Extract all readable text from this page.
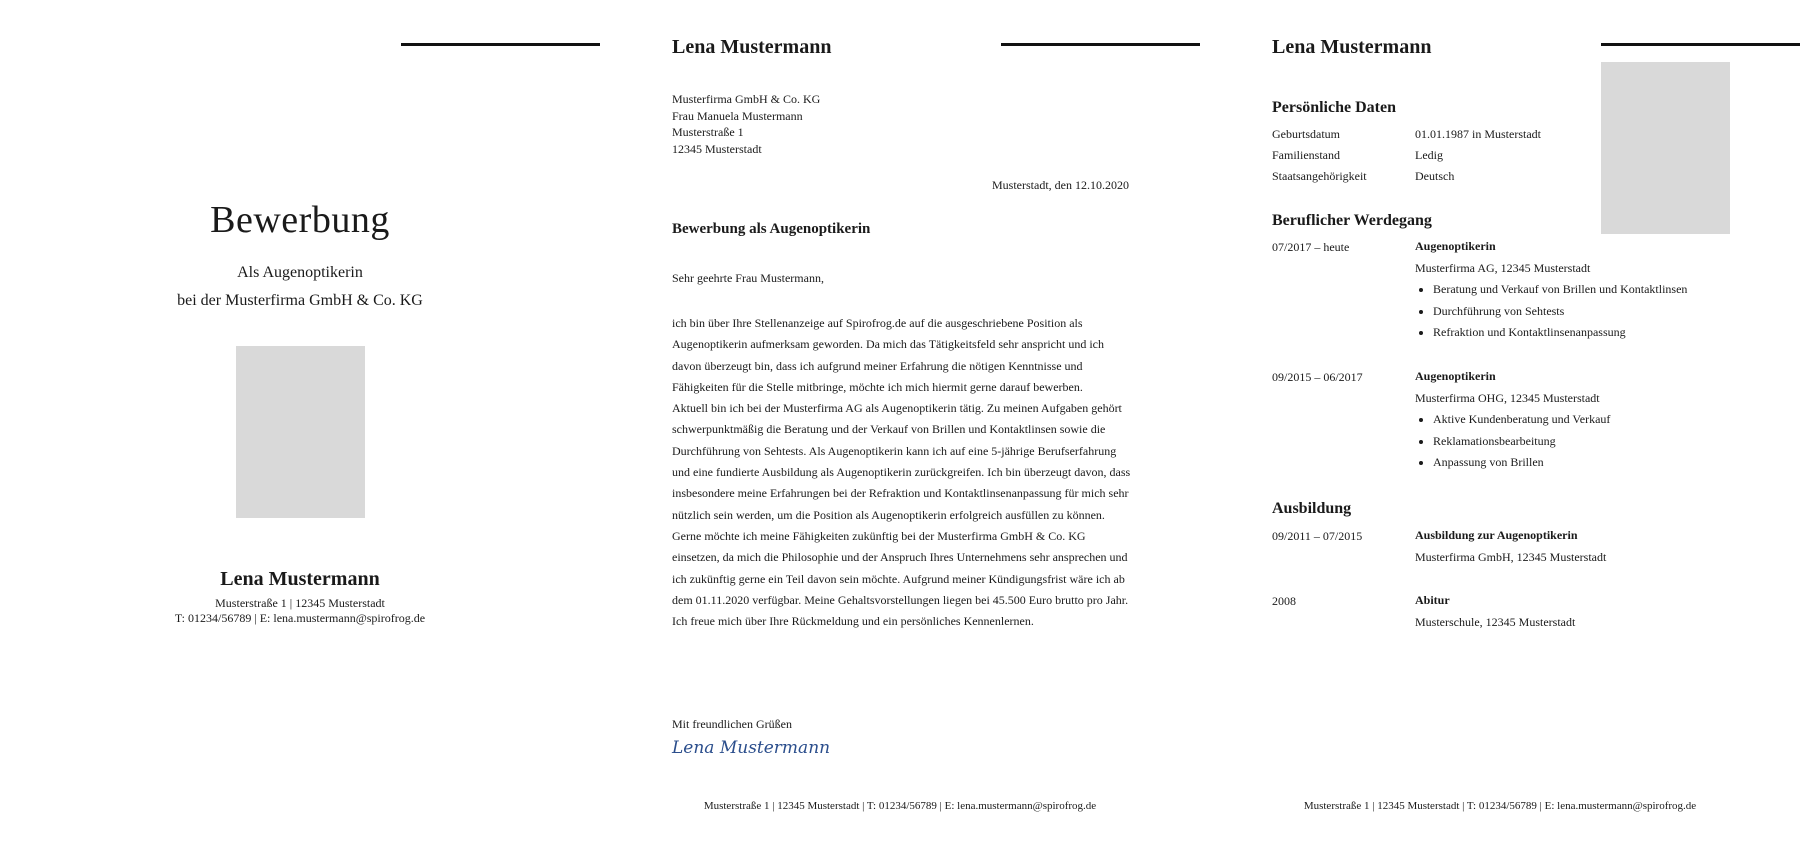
Bewerbung
Als Augenoptikerin
bei der Musterfirma GmbH & Co. KG
Lena Mustermann
Musterstraße 1 | 12345 Musterstadt
T: 01234/56789 | E: lena.mustermann@spirofrog.de
Lena Mustermann
Musterfirma GmbH & Co. KG
Frau Manuela Mustermann
Musterstraße 1
12345 Musterstadt
Musterstadt, den 12.10.2020
Bewerbung als Augenoptikerin
Sehr geehrte Frau Mustermann,

ich bin über Ihre Stellenanzeige auf Spirofrog.de auf die ausgeschriebene Position als Augenoptikerin aufmerksam geworden. Da mich das Tätigkeitsfeld sehr anspricht und ich davon überzeugt bin, dass ich aufgrund meiner Erfahrung die nötigen Kenntnisse und Fähigkeiten für die Stelle mitbringe, möchte ich mich hiermit gerne darauf bewerben.

Aktuell bin ich bei der Musterfirma AG als Augenoptikerin tätig. Zu meinen Aufgaben gehört schwerpunktmäßig die Beratung und der Verkauf von Brillen und Kontaktlinsen sowie die Durchführung von Sehtests. Als Augenoptikerin kann ich auf eine 5-jährige Berufserfahrung und eine fundierte Ausbildung als Augenoptikerin zurückgreifen. Ich bin überzeugt davon, dass insbesondere meine Erfahrungen bei der Refraktion und Kontaktlinsenanpassung für mich sehr nützlich sein werden, um die Position als Augenoptikerin erfolgreich ausfüllen zu können.

Gerne möchte ich meine Fähigkeiten zukünftig bei der Musterfirma GmbH & Co. KG einsetzen, da mich die Philosophie und der Anspruch Ihres Unternehmens sehr ansprechen und ich zukünftig gerne ein Teil davon sein möchte. Aufgrund meiner Kündigungsfrist wäre ich ab dem 01.11.2020 verfügbar. Meine Gehaltsvorstellungen liegen bei 45.500 Euro brutto pro Jahr. Ich freue mich über Ihre Rückmeldung und ein persönliches Kennenlernen.

Mit freundlichen Grüßen
Lena Mustermann
Musterstraße 1 | 12345 Musterstadt | T: 01234/56789 | E: lena.mustermann@spirofrog.de
Lena Mustermann
Persönliche Daten
Geburtsdatum	01.01.1987 in Musterstadt
Familienstand	Ledig
Staatsangehörigkeit	Deutsch
Beruflicher Werdegang
07/2017 – heute	Augenoptikerin
Musterfirma AG, 12345 Musterstadt
• Beratung und Verkauf von Brillen und Kontaktlinsen
• Durchführung von Sehtests
• Refraktion und Kontaktlinsenanpassung
09/2015 – 06/2017	Augenoptikerin
Musterfirma OHG, 12345 Musterstadt
• Aktive Kundenberatung und Verkauf
• Reklamationsbearbeitung
• Anpassung von Brillen
Ausbildung
09/2011 – 07/2015	Ausbildung zur Augenoptikerin
Musterfirma GmbH, 12345 Musterstadt
2008	Abitur
Musterschule, 12345 Musterstadt
Musterstraße 1 | 12345 Musterstadt | T: 01234/56789 | E: lena.mustermann@spirofrog.de
